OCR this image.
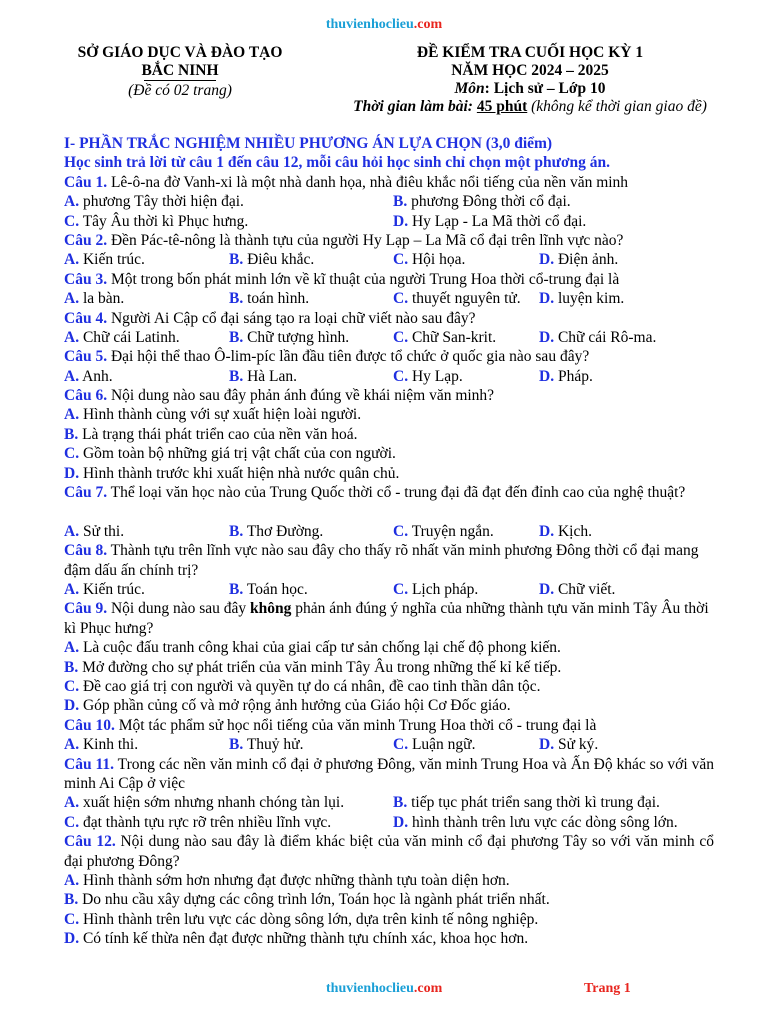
thuvienhoclieu.com
SỞ GIÁO DỤC VÀ ĐÀO TẠO
BẮC NINH
(Đề có 02 trang)
ĐỀ KIỂM TRA CUỐI HỌC KỲ 1
NĂM HỌC 2024 – 2025
Môn: Lịch sử – Lớp 10
Thời gian làm bài: 45 phút (không kể thời gian giao đề)
I- PHẦN TRẮC NGHIỆM NHIỀU PHƯƠNG ÁN LỰA CHỌN (3,0 điểm)
Học sinh trả lời từ câu 1 đến câu 12, mỗi câu hỏi học sinh chỉ chọn một phương án.
Câu 1. Lê-ô-na đờ Vanh-xi là một nhà danh họa, nhà điêu khắc nổi tiếng của nền văn minh
A. phương Tây thời hiện đại.	B. phương Đông thời cổ đại.
C. Tây Âu thời kì Phục hưng.	D. Hy Lạp - La Mã thời cổ đại.
Câu 2. Đền Pác-tê-nông là thành tựu của người Hy Lạp – La Mã cổ đại trên lĩnh vực nào?
A. Kiến trúc.	B. Điêu khắc.	C. Hội họa.	D. Điện ảnh.
Câu 3. Một trong bốn phát minh lớn về kĩ thuật của người Trung Hoa thời cổ-trung đại là
A. la bàn.	B. toán hình.	C. thuyết nguyên tử. D. luyện kim.
Câu 4. Người Ai Cập cổ đại sáng tạo ra loại chữ viết nào sau đây?
A. Chữ cái Latinh.	B. Chữ tượng hình.	C. Chữ San-krit.	D. Chữ cái Rô-ma.
Câu 5. Đại hội thể thao Ô-lim-píc lần đầu tiên được tổ chức ở quốc gia nào sau đây?
A. Anh.	B. Hà Lan.	C. Hy Lạp.	D. Pháp.
Câu 6. Nội dung nào sau đây phản ánh đúng về khái niệm văn minh?
A. Hình thành cùng với sự xuất hiện loài người.
B. Là trạng thái phát triển cao của nền văn hoá.
C. Gồm toàn bộ những giá trị vật chất của con người.
D. Hình thành trước khi xuất hiện nhà nước quân chủ.
Câu 7. Thể loại văn học nào của Trung Quốc thời cổ - trung đại đã đạt đến đỉnh cao của nghệ thuật?
A. Sử thi.	B. Thơ Đường.	C. Truyện ngắn.	D. Kịch.
Câu 8. Thành tựu trên lĩnh vực nào sau đây cho thấy rõ nhất văn minh phương Đông thời cổ đại mang đậm dấu ấn chính trị?
A. Kiến trúc.	B. Toán học.	C. Lịch pháp.	D. Chữ viết.
Câu 9. Nội dung nào sau đây không phản ánh đúng ý nghĩa của những thành tựu văn minh Tây Âu thời kì Phục hưng?
A. Là cuộc đấu tranh công khai của giai cấp tư sản chống lại chế độ phong kiến.
B. Mở đường cho sự phát triển của văn minh Tây Âu trong những thế kỉ kế tiếp.
C. Đề cao giá trị con người và quyền tự do cá nhân, đề cao tinh thần dân tộc.
D. Góp phần củng cố và mở rộng ảnh hưởng của Giáo hội Cơ Đốc giáo.
Câu 10. Một tác phẩm sử học nổi tiếng của văn minh Trung Hoa thời cổ - trung đại là
A. Kinh thi.	B. Thuỷ hử.	C. Luận ngữ.	D. Sử ký.
Câu 11. Trong các nền văn minh cổ đại ở phương Đông, văn minh Trung Hoa và Ấn Độ khác so với văn minh Ai Cập ở việc
A. xuất hiện sớm nhưng nhanh chóng tàn lụi.	B. tiếp tục phát triển sang thời kì trung đại.
C. đạt thành tựu rực rỡ trên nhiều lĩnh vực.	D. hình thành trên lưu vực các dòng sông lớn.
Câu 12. Nội dung nào sau đây là điểm khác biệt của văn minh cổ đại phương Tây so với văn minh cổ đại phương Đông?
A. Hình thành sớm hơn nhưng đạt được những thành tựu toàn diện hơn.
B. Do nhu cầu xây dựng các công trình lớn, Toán học là ngành phát triển nhất.
C. Hình thành trên lưu vực các dòng sông lớn, dựa trên kinh tế nông nghiệp.
D. Có tính kế thừa nên đạt được những thành tựu chính xác, khoa học hơn.
thuvienhoclieu.com	Trang 1
